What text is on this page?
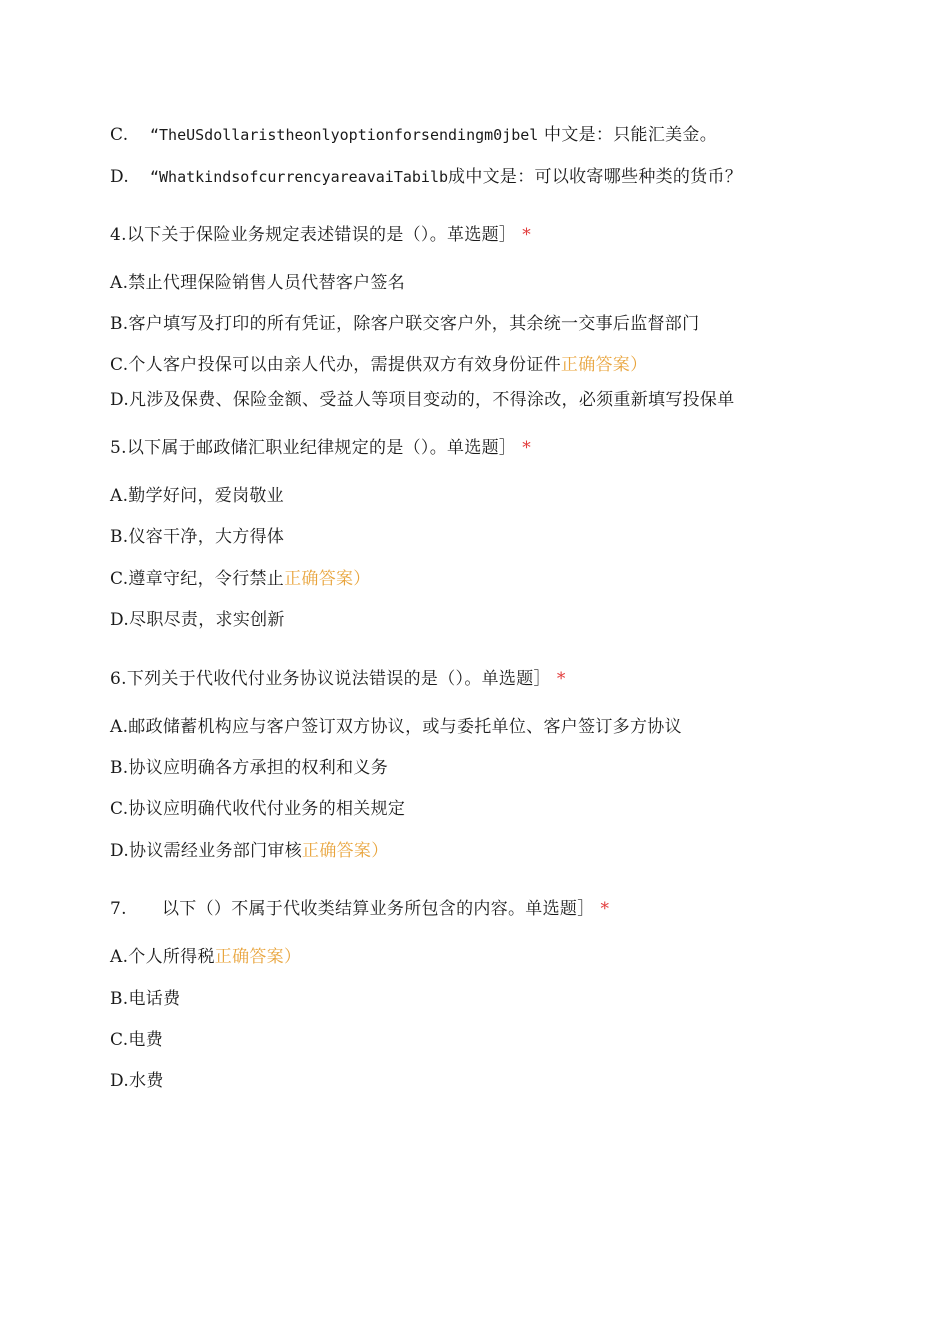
C. “TheUSdollaristheonlyoptionforsendingm0jbel 中文是：只能汇美金。
D. “WhatkindsofcurrencyareavaiTabilb成中文是：可以收寄哪些种类的货币？
4.以下关于保险业务规定表述错误的是（）。革选题］ *
A.禁止代理保险销售人员代替客户签名
B.客户填写及打印的所有凭证，除客户联交客户外，其余统一交事后监督部门
C.个人客户投保可以由亲人代办，需提供双方有效身份证件正确答案）
D.凡涉及保费、保险金额、受益人等项目变动的，不得涂改，必须重新填写投保单
5.以下属于邮政储汇职业纪律规定的是（）。单选题］ *
A.勤学好问，爱岗敬业
B.仪容干净，大方得体
C.遵章守纪，令行禁止正确答案）
D.尽职尽责，求实创新
6.下列关于代收代付业务协议说法错误的是（）。单选题］ *
A.邮政储蓄机构应与客户签订双方协议，或与委托单位、客户签订多方协议
B.协议应明确各方承担的权利和义务
C.协议应明确代收代付业务的相关规定
D.协议需经业务部门审核正确答案）
7. 以下（）不属于代收类结算业务所包含的内容。单选题］ *
A.个人所得税正确答案）
B.电话费
C.电费
D.水费
